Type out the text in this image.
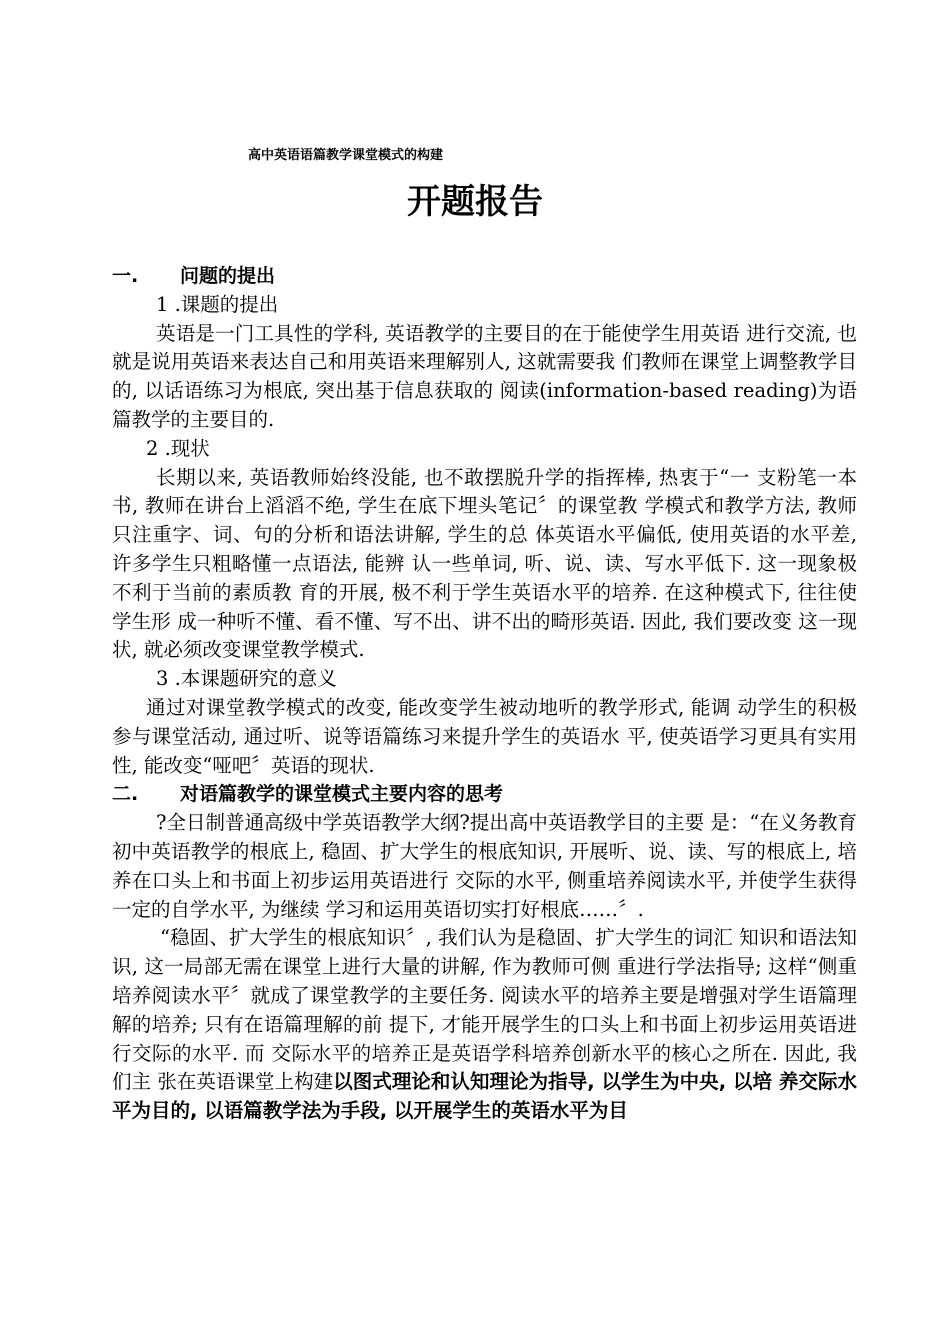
高中英语语篇教学课堂模式的构建
开题报告
一. 问题的提出
1 .课题的提出

英语是一门工具性的学科, 英语教学的主要目的在于能使学生用英语 进行交流, 也就是说用英语来表达自己和用英语来理解别人, 这就需要我 们教师在课堂上调整教学目的, 以话语练习为根底, 突出基于信息获取的 阅读(information-based reading)为语篇教学的主要目的.

2 .现状

长期以来, 英语教师始终没能, 也不敢摆脱升学的指挥棒, 热衷于“一 支粉笔一本书, 教师在讲台上滔滔不绝, 学生在底下埋头笔记〞的课堂教 学模式和教学方法, 教师只注重字、词、句的分析和语法讲解, 学生的总 体英语水平偏低, 使用英语的水平差, 许多学生只粗略懂一点语法, 能辨 认一些单词, 听、说、读、写水平低下. 这一现象极不利于当前的素质教 育的开展, 极不利于学生英语水平的培养. 在这种模式下, 往往使学生形 成一种听不懂、看不懂、写不出、讲不出的畸形英语. 因此, 我们要改变 这一现状, 就必须改变课堂教学模式.

3 .本课题研究的意义

通过对课堂教学模式的改变, 能改变学生被动地听的教学形式, 能调 动学生的积极参与课堂活动, 通过听、说等语篇练习来提升学生的英语水 平, 使英语学习更具有实用性, 能改变“哑吧〞英语的现状.

二. 对语篇教学的课堂模式主要内容的思考

?全日制普通高级中学英语教学大纲?提出高中英语教学目的主要 是：“在义务教育初中英语教学的根底上, 稳固、扩大学生的根底知识, 开展听、说、读、写的根底上, 培养在口头上和书面上初步运用英语进行 交际的水平, 侧重培养阅读水平, 并使学生获得一定的自学水平, 为继续 学习和运用英语切实打好根底……〞.

“稳固、扩大学生的根底知识〞, 我们认为是稳固、扩大学生的词汇 知识和语法知识, 这一局部无需在课堂上进行大量的讲解, 作为教师可侧 重进行学法指导; 这样“侧重培养阅读水平〞就成了课堂教学的主要任务. 阅读水平的培养主要是增强对学生语篇理解的培养; 只有在语篇理解的前 提下, 才能开展学生的口头上和书面上初步运用英语进行交际的水平. 而 交际水平的培养正是英语学科培养创新水平的核心之所在. 因此, 我们主 张在英语课堂上构建以图式理论和认知理论为指导, 以学生为中央, 以培 养交际水平为目的, 以语篇教学法为手段, 以开展学生的英语水平为目
